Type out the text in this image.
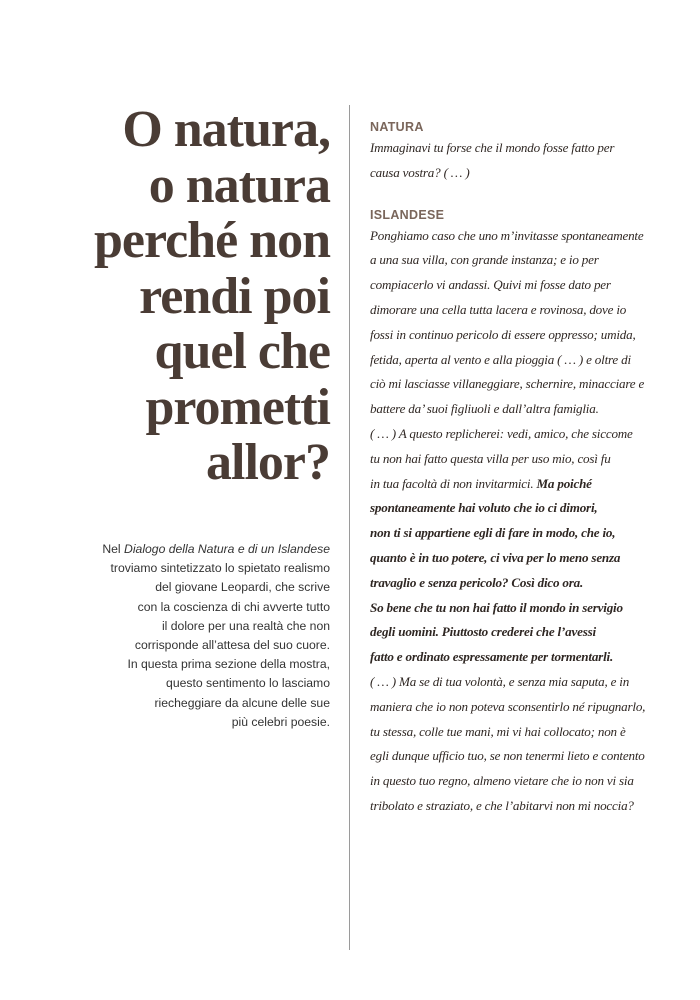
O natura,
o natura
perché non
rendi poi
quel che
prometti
allor?
Nel Dialogo della Natura e di un Islandese
troviamo sintetizzato lo spietato realismo
del giovane Leopardi, che scrive
con la coscienza di chi avverte tutto
il dolore per una realtà che non
corrisponde all’attesa del suo cuore.
In questa prima sezione della mostra,
questo sentimento lo lasciamo
riecheggiare da alcune delle sue
più celebri poesie.
NATURA
Immaginavi tu forse che il mondo fosse fatto per
causa vostra? ( … )
ISLANDESE
Ponghiamo caso che uno m’invitasse spontaneamente
a una sua villa, con grande instanza; e io per
compiacerlo vi andassi. Quivi mi fosse dato per
dimorare una cella tutta lacera e rovinosa, dove io
fossi in continuo pericolo di essere oppresso; umida,
fetida, aperta al vento e alla pioggia ( … ) e oltre di
ciò mi lasciasse villaneggiare, schernire, minacciare e
battere da’ suoi figliuoli e dall’altra famiglia.
( … ) A questo replicherei: vedi, amico, che siccome
tu non hai fatto questa villa per uso mio, così fu
in tua facoltà di non invitarmici. Ma poiché
spontaneamente hai voluto che io ci dimori,
non ti si appartiene egli di fare in modo, che io,
quanto è in tuo potere, ci viva per lo meno senza
travaglio e senza pericolo? Così dico ora.
So bene che tu non hai fatto il mondo in servigio
degli uomini. Piuttosto crederei che l’avessi
fatto e ordinato espressamente per tormentarli.
( … ) Ma se di tua volontà, e senza mia saputa, e in
maniera che io non poteva sconsentirlo né ripugnarlo,
tu stessa, colle tue mani, mi vi hai collocato; non è
egli dunque ufficio tuo, se non tenermi lieto e contento
in questo tuo regno, almeno vietare che io non vi sia
tribolato e straziato, e che l’abitarvi non mi noccia?
